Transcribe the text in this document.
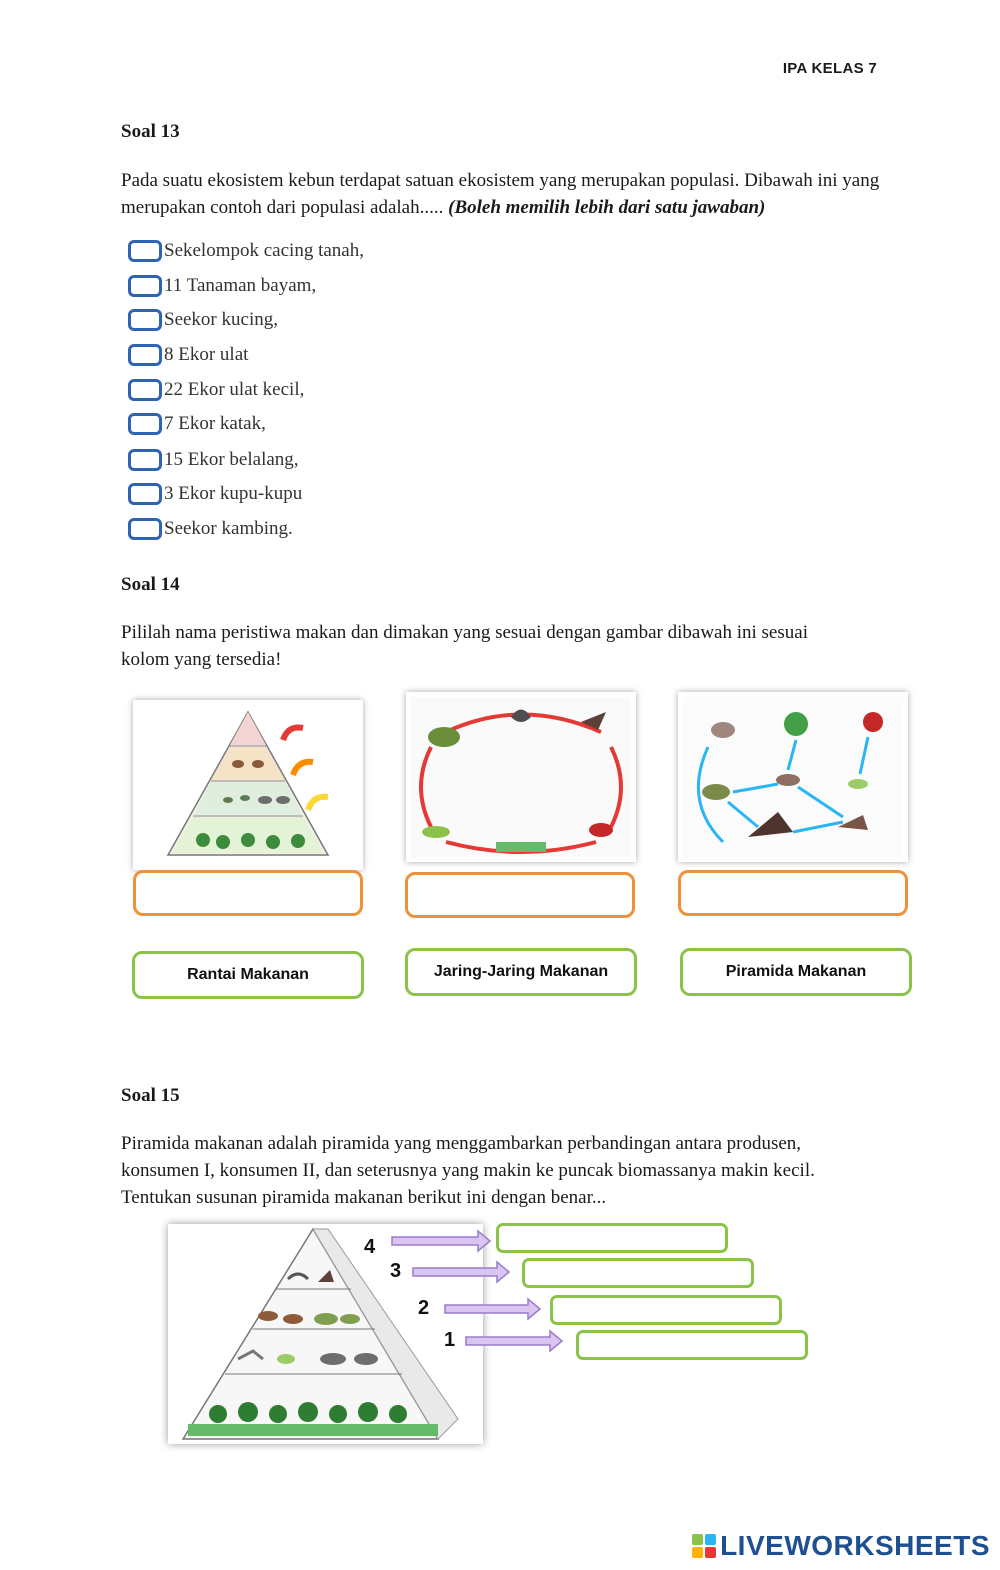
IPA KELAS 7
Soal 13
Pada suatu ekosistem kebun terdapat satuan ekosistem yang merupakan populasi. Dibawah ini yang merupakan contoh dari populasi adalah..... (Boleh memilih lebih dari satu jawaban)
Sekelompok cacing tanah,
11 Tanaman bayam,
Seekor kucing,
8 Ekor ulat
22 Ekor ulat kecil,
7 Ekor katak,
15 Ekor belalang,
3 Ekor kupu-kupu
Seekor kambing.
Soal 14
Pililah nama peristiwa makan dan dimakan yang sesuai dengan gambar dibawah ini sesuai kolom yang tersedia!
Rantai Makanan	Jaring-Jaring Makanan	Piramida Makanan
Soal 15
Piramida makanan adalah piramida yang menggambarkan perbandingan antara produsen, konsumen I, konsumen II, dan seterusnya yang makin ke puncak biomassanya makin kecil. Tentukan susunan piramida makanan berikut ini dengan benar...
4
3
2
1
LIVEWORKSHEETS
